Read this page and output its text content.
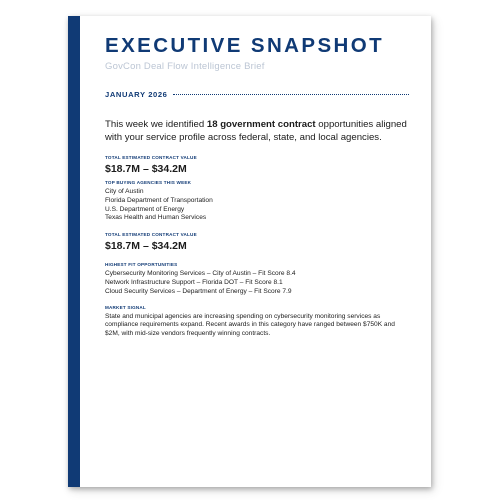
EXECUTIVE SNAPSHOT
GovCon Deal Flow Intelligence Brief
JANUARY 2026

This week we identified 18 government contract opportunities aligned with your service profile across federal, state, and local agencies.

TOTAL ESTIMATED CONTRACT VALUE
$18.7M – $34.2M
TOP BUYING AGENCIES THIS WEEK
City of Austin
Florida Department of Transportation
U.S. Department of Energy
Texas Health and Human Services
TOTAL ESTIMATED CONTRACT VALUE
$18.7M – $34.2M
HIGHEST FIT OPPORTUNITIES
Cybersecurity Monitoring Services – City of Austin – Fit Score 8.4
Network Infrastructure Support – Florida DOT – Fit Score 8.1
Cloud Security Services – Department of Energy – Fit Score 7.9
MARKET SIGNAL

State and municipal agencies are increasing spending on cybersecurity monitoring services as compliance requirements expand. Recent awards in this category have ranged between $750K and $2M, with mid-size vendors frequently winning contracts.
